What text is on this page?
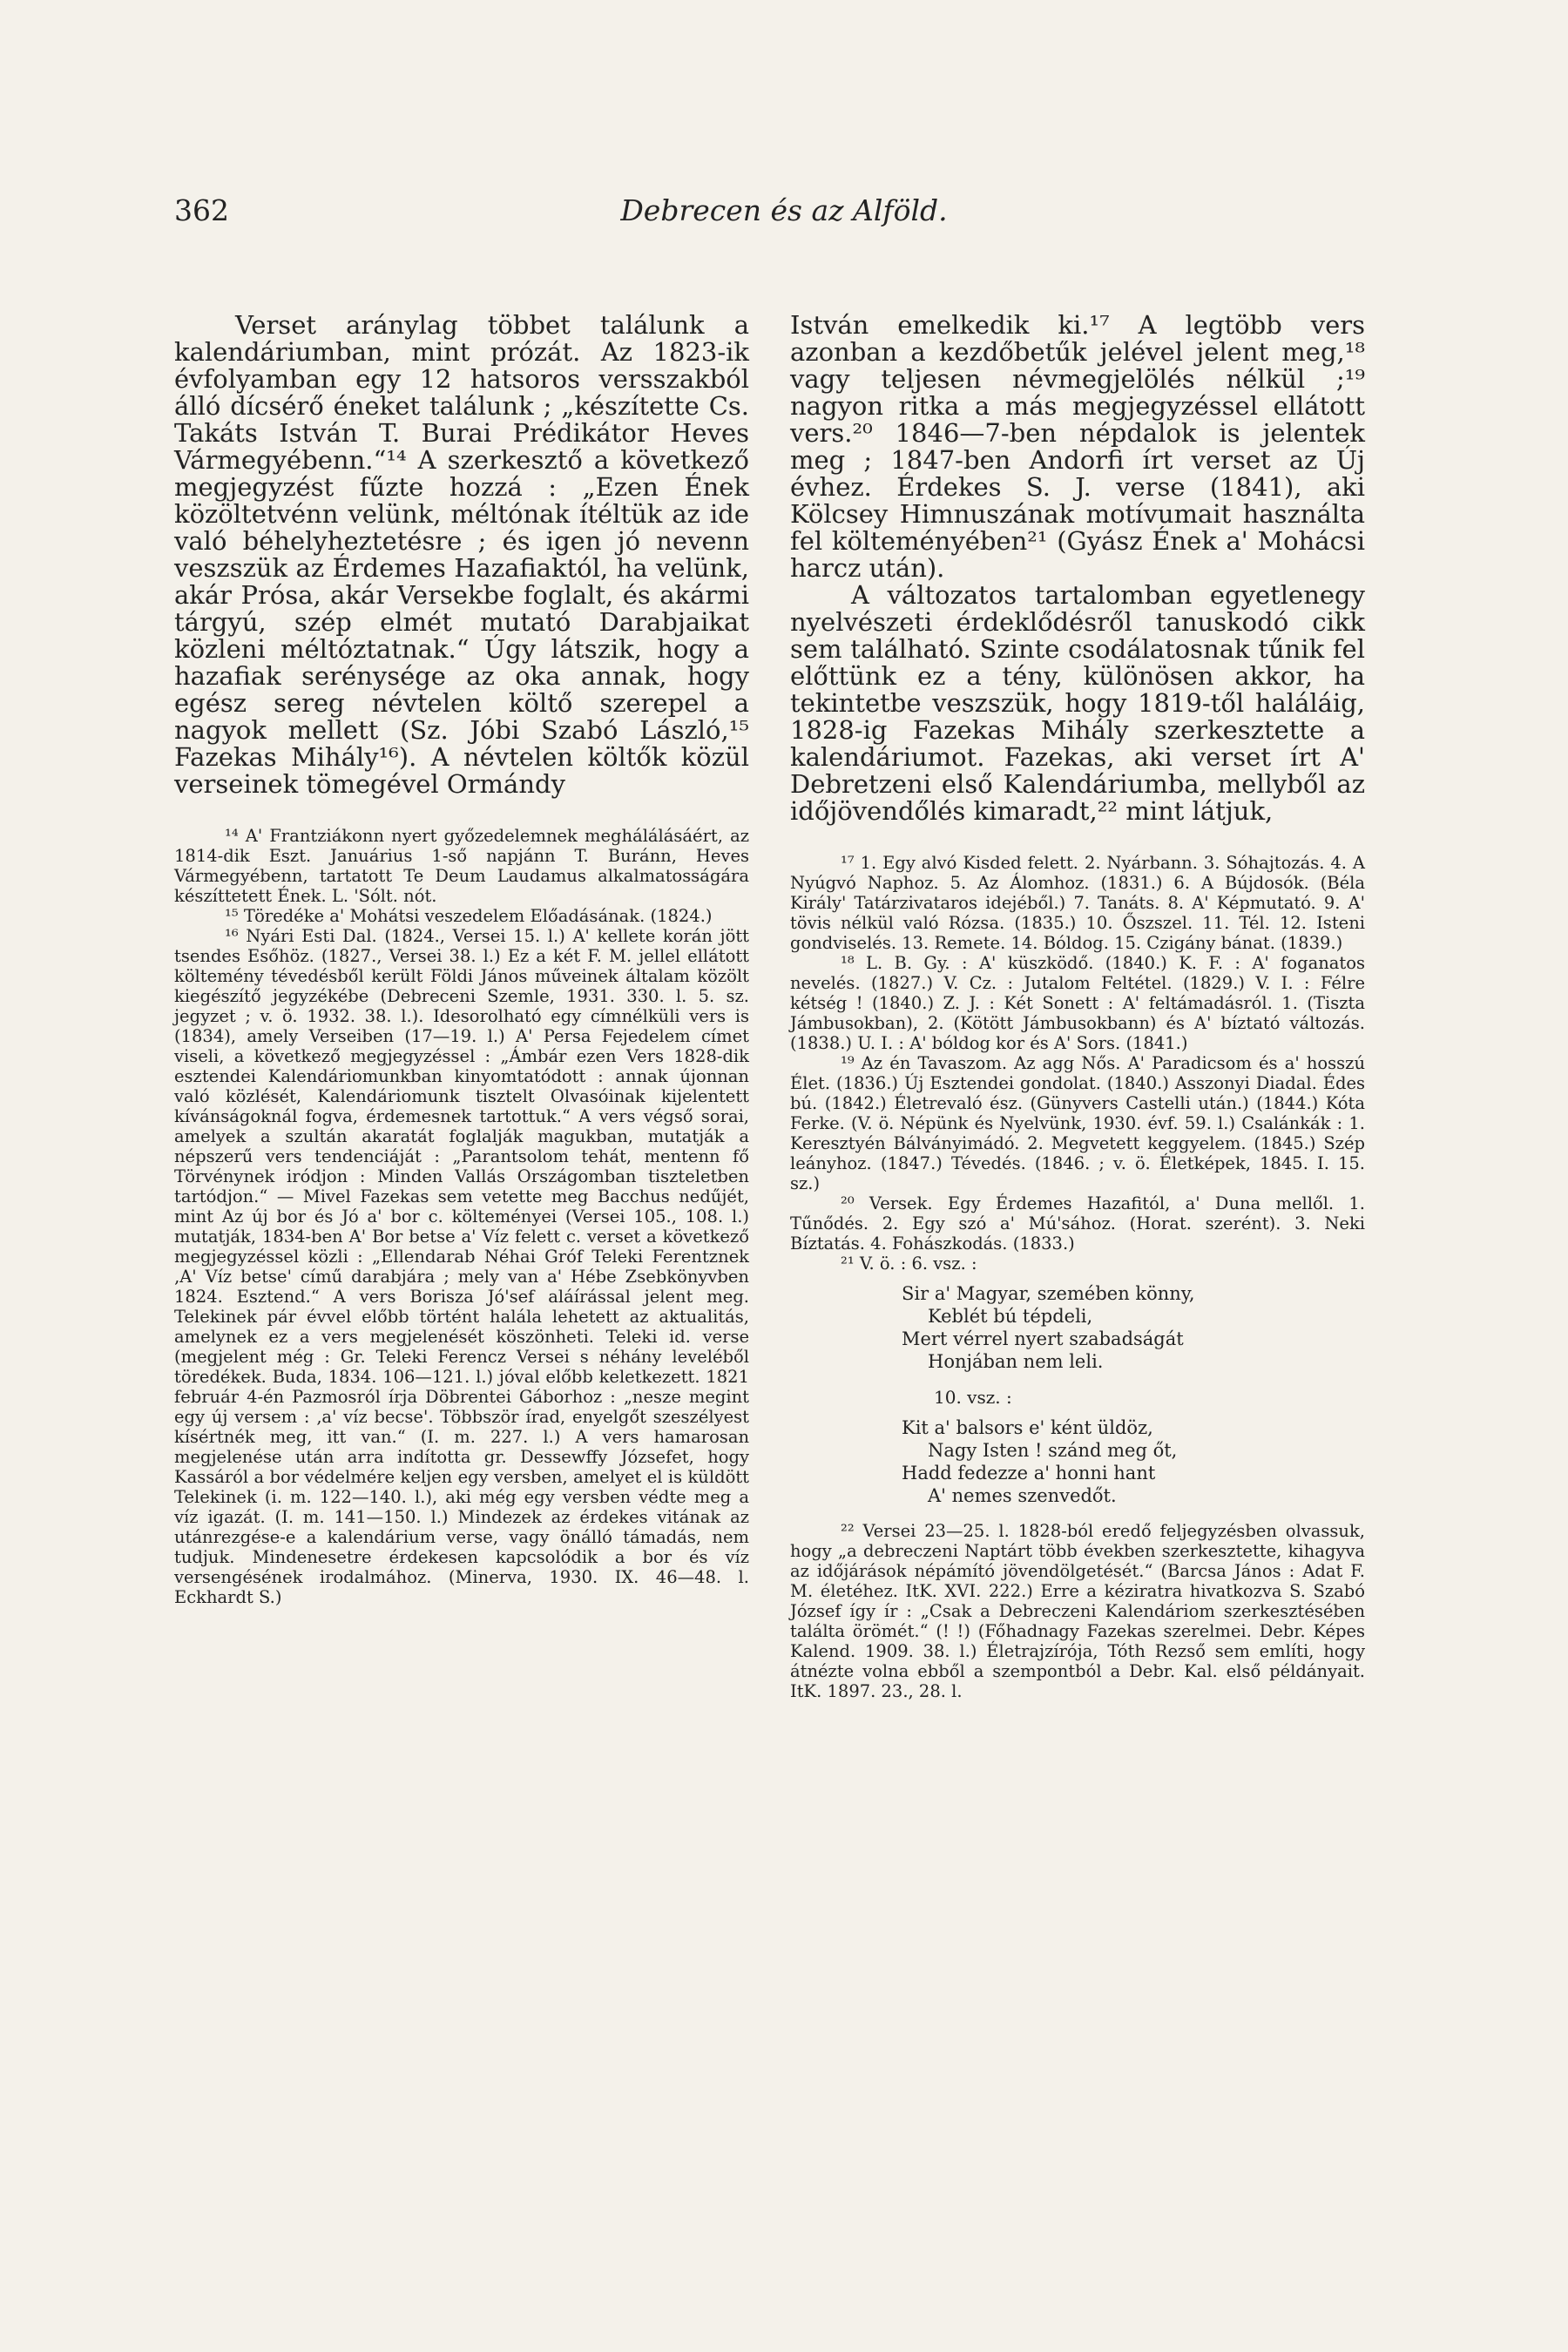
362	Debrecen és az Alföld.

Verset aránylag többet találunk a kalendáriumban, mint prózát. Az 1823-ik évfolyamban egy 12 hatsoros versszakból álló dícsérő éneket találunk ; „készítette Cs. Takáts István T. Burai Prédikátor Heves Vármegyébenn.“¹⁴ A szerkesztő a következő megjegyzést fűzte hozzá : „Ezen Ének közöltetvénn velünk, méltónak ítéltük az ide való béhelyheztetésre ; és igen jó nevenn veszszük az Érdemes Hazafiaktól, ha velünk, akár Prósa, akár Versekbe foglalt, és akármi tárgyú, szép elmét mutató Darabjaikat közleni méltóztatnak.“ Úgy látszik, hogy a hazafiak serénysége az oka annak, hogy egész sereg névtelen költő szerepel a nagyok mellett (Sz. Jóbi Szabó László,¹⁵ Fazekas Mihály¹⁶). A névtelen költők közül verseinek tömegével Ormándy

¹⁴ A' Frantziákonn nyert győzedelemnek meghálálásáért, az 1814-dik Eszt. Januárius 1-ső napjánn T. Buránn, Heves Vármegyébenn, tartatott Te Deum Laudamus alkalmatosságára készíttetett Ének. L. 'Sólt. nót.

¹⁵ Töredéke a' Mohátsi veszedelem Előadásának. (1824.)

¹⁶ Nyári Esti Dal. (1824., Versei 15. l.) A' kellete korán jött tsendes Esőhöz. (1827., Versei 38. l.) Ez a két F. M. jellel ellátott költemény tévedésből került Földi János műveinek általam közölt kiegészítő jegyzékébe (Debreceni Szemle, 1931. 330. l. 5. sz. jegyzet ; v. ö. 1932. 38. l.). Idesorolható egy címnélküli vers is (1834), amely Verseiben (17—19. l.) A' Persa Fejedelem címet viseli, a következő megjegyzéssel : „Ámbár ezen Vers 1828-dik esztendei Kalendáriomunkban kinyomtatódott : annak újonnan való közlését, Kalendáriomunk tisztelt Olvasóinak kijelentett kívánságoknál fogva, érdemesnek tartottuk.“ A vers végső sorai, amelyek a szultán akaratát foglalják magukban, mutatják a népszerű vers tendenciáját : „Parantsolom tehát, mentenn fő Törvénynek iródjon : Minden Vallás Országomban tiszteletben tartódjon.“ — Mivel Fazekas sem vetette meg Bacchus nedűjét, mint Az új bor és Jó a' bor c. költeményei (Versei 105., 108. l.) mutatják, 1834-ben A' Bor betse a' Víz felett c. verset a következő megjegyzéssel közli : „Ellendarab Néhai Gróf Teleki Ferentznek ‚A' Víz betse' című darabjára ; mely van a' Hébe Zsebkönyvben 1824. Esztend.“ A vers Borisza Jó'sef aláírással jelent meg. Telekinek pár évvel előbb történt halála lehetett az aktualitás, amelynek ez a vers megjelenését köszönheti. Teleki id. verse (megjelent még : Gr. Teleki Ferencz Versei s néhány leveléből töredékek. Buda, 1834. 106—121. l.) jóval előbb keletkezett. 1821 február 4-én Pazmosról írja Döbrentei Gáborhoz : „nesze megint egy új versem : ‚a' víz becse'. Többször írad, enyelgőt szeszélyest kísértnék meg, itt van.“ (I. m. 227. l.) A vers hamarosan megjelenése után arra indította gr. Dessewffy Józsefet, hogy Kassáról a bor védelmére keljen egy versben, amelyet el is küldött Telekinek (i. m. 122—140. l.), aki még egy versben védte meg a víz igazát. (I. m. 141—150. l.) Mindezek az érdekes vitának az utánrezgése-e a kalendárium verse, vagy önálló támadás, nem tudjuk. Mindenesetre érdekesen kapcsolódik a bor és víz versengésének irodalmához. (Minerva, 1930. IX. 46—48. l. Eckhardt S.)

István emelkedik ki.¹⁷ A legtöbb vers azonban a kezdőbetűk jelével jelent meg,¹⁸ vagy teljesen névmegjelölés nélkül ;¹⁹ nagyon ritka a más megjegyzéssel ellátott vers.²⁰ 1846—7-ben népdalok is jelentek meg ; 1847-ben Andorfi írt verset az Új évhez. Érdekes S. J. verse (1841), aki Kölcsey Himnuszának motívumait használta fel költeményében²¹ (Gyász Ének a' Mohácsi harcz után).

A változatos tartalomban egyetlenegy nyelvészeti érdeklődésről tanuskodó cikk sem található. Szinte csodálatosnak tűnik fel előttünk ez a tény, különösen akkor, ha tekintetbe veszszük, hogy 1819-től haláláig, 1828-ig Fazekas Mihály szerkesztette a kalendáriumot. Fazekas, aki verset írt A' Debretzeni első Kalendáriumba, mellyből az időjövendőlés kimaradt,²² mint látjuk,

¹⁷ 1. Egy alvó Kisded felett. 2. Nyárbann. 3. Sóhajtozás. 4. A Nyúgvó Naphoz. 5. Az Álomhoz. (1831.) 6. A Bújdosók. (Béla Király' Tatárzivataros idejéből.) 7. Tanáts. 8. A' Képmutató. 9. A' tövis nélkül való Rózsa. (1835.) 10. Őszszel. 11. Tél. 12. Isteni gondviselés. 13. Remete. 14. Bóldog. 15. Czigány bánat. (1839.)

¹⁸ L. B. Gy. : A' küszködő. (1840.) K. F. : A' foganatos nevelés. (1827.) V. Cz. : Jutalom Feltétel. (1829.) V. I. : Félre kétség ! (1840.) Z. J. : Két Sonett : A' feltámadásról. 1. (Tiszta Jámbusokban), 2. (Kötött Jámbusokbann) és A' bíztató változás. (1838.) U. I. : A' bóldog kor és A' Sors. (1841.)

¹⁹ Az én Tavaszom. Az agg Nős. A' Paradicsom és a' hosszú Élet. (1836.) Új Esztendei gondolat. (1840.) Asszonyi Diadal. Édes bú. (1842.) Életrevaló ész. (Günyvers Castelli után.) (1844.) Kóta Ferke. (V. ö. Népünk és Nyelvünk, 1930. évf. 59. l.) Csalánkák : 1. Keresztyén Bálványimádó. 2. Megvetett keggyelem. (1845.) Szép leányhoz. (1847.) Tévedés. (1846. ; v. ö. Életképek, 1845. I. 15. sz.)

²⁰ Versek. Egy Érdemes Hazafitól, a' Duna mellől. 1. Tűnődés. 2. Egy szó a' Mú'sához. (Horat. szerént). 3. Neki Bíztatás. 4. Fohászkodás. (1833.)

²¹ V. ö. : 6. vsz. :

Sir a' Magyar, szemében könny,

Keblét bú tépdeli,

Mert vérrel nyert szabadságát

Honjában nem leli.

10. vsz. :

Kit a' balsors e' ként üldöz,

Nagy Isten ! szánd meg őt,

Hadd fedezze a' honni hant

A' nemes szenvedőt.

²² Versei 23—25. l. 1828-ból eredő feljegyzésben olvassuk, hogy „a debreczeni Naptárt több években szerkesztette, kihagyva az időjárások népámító jövendölgetését.“ (Barcsa János : Adat F. M. életéhez. ItK. XVI. 222.) Erre a kéziratra hivatkozva S. Szabó József így ír : „Csak a Debreczeni Kalendáriom szerkesztésében találta örömét.“ (! !) (Főhadnagy Fazekas szerelmei. Debr. Képes Kalend. 1909. 38. l.) Életrajzírója, Tóth Rezső sem említi, hogy átnézte volna ebből a szempontból a Debr. Kal. első példányait. ItK. 1897. 23., 28. l.
